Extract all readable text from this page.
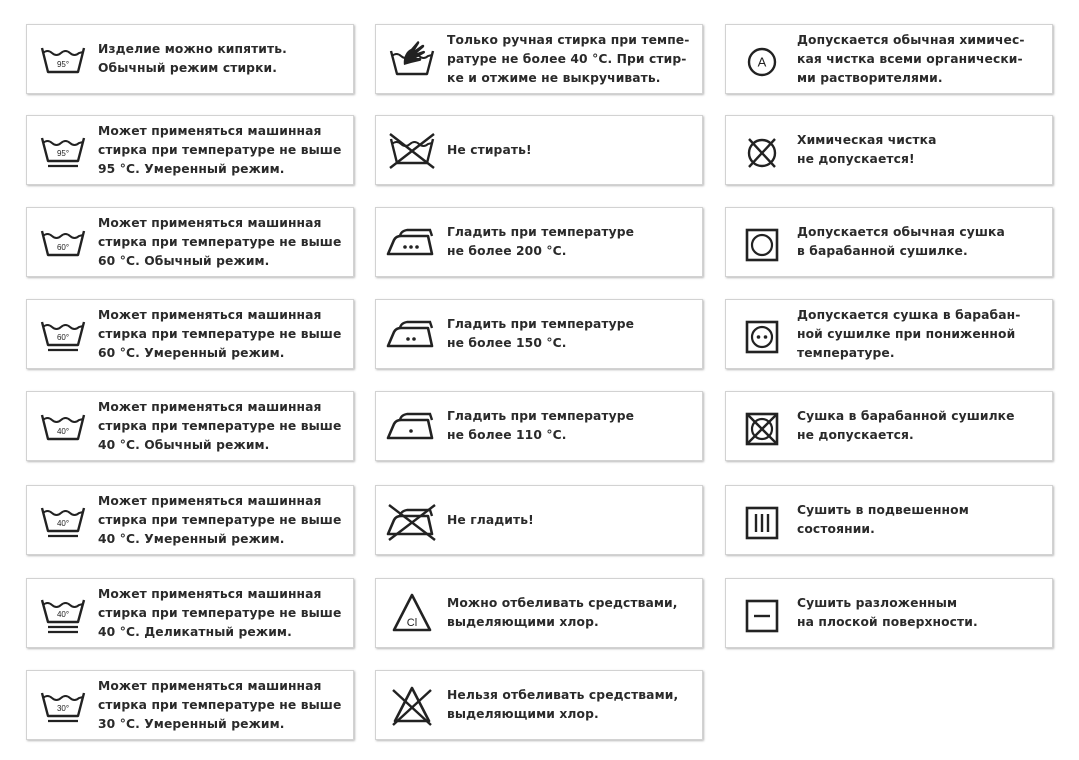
95°
Изделие можно кипятить.
Обычный режим стирки.
95°
Может применяться машинная
стирка при температуре не выше
95 °С. Умеренный режим.
60°
Может применяться машинная
стирка при температуре не выше
60 °С. Обычный режим.
60°
Может применяться машинная
стирка при температуре не выше
60 °С. Умеренный режим.
40°
Может применяться машинная
стирка при температуре не выше
40 °С. Обычный режим.
40°
Может применяться машинная
стирка при температуре не выше
40 °С. Умеренный режим.
40°
Может применяться машинная
стирка при температуре не выше
40 °С. Деликатный режим.
30°
Может применяться машинная
стирка при температуре не выше
30 °С. Умеренный режим.
Только ручная стирка при темпе-
ратуре не более 40 °С. При стир-
ке и отжиме не выкручивать.
Не стирать!
Гладить при температуре
не более 200 °С.
Гладить при температуре
не более 150 °С.
Гладить при температуре
не более 110 °С.
Не гладить!
Cl
Можно отбеливать средствами,
выделяющими хлор.
Нельзя отбеливать средствами,
выделяющими хлор.
A
Допускается обычная химичес-
кая чистка всеми органически-
ми растворителями.
Химическая чистка
не допускается!
Допускается обычная сушка
в барабанной сушилке.
Допускается сушка в барабан-
ной сушилке при пониженной
температуре.
Сушка в барабанной сушилке
не допускается.
Сушить в подвешенном
состоянии.
Сушить разложенным
на плоской поверхности.
